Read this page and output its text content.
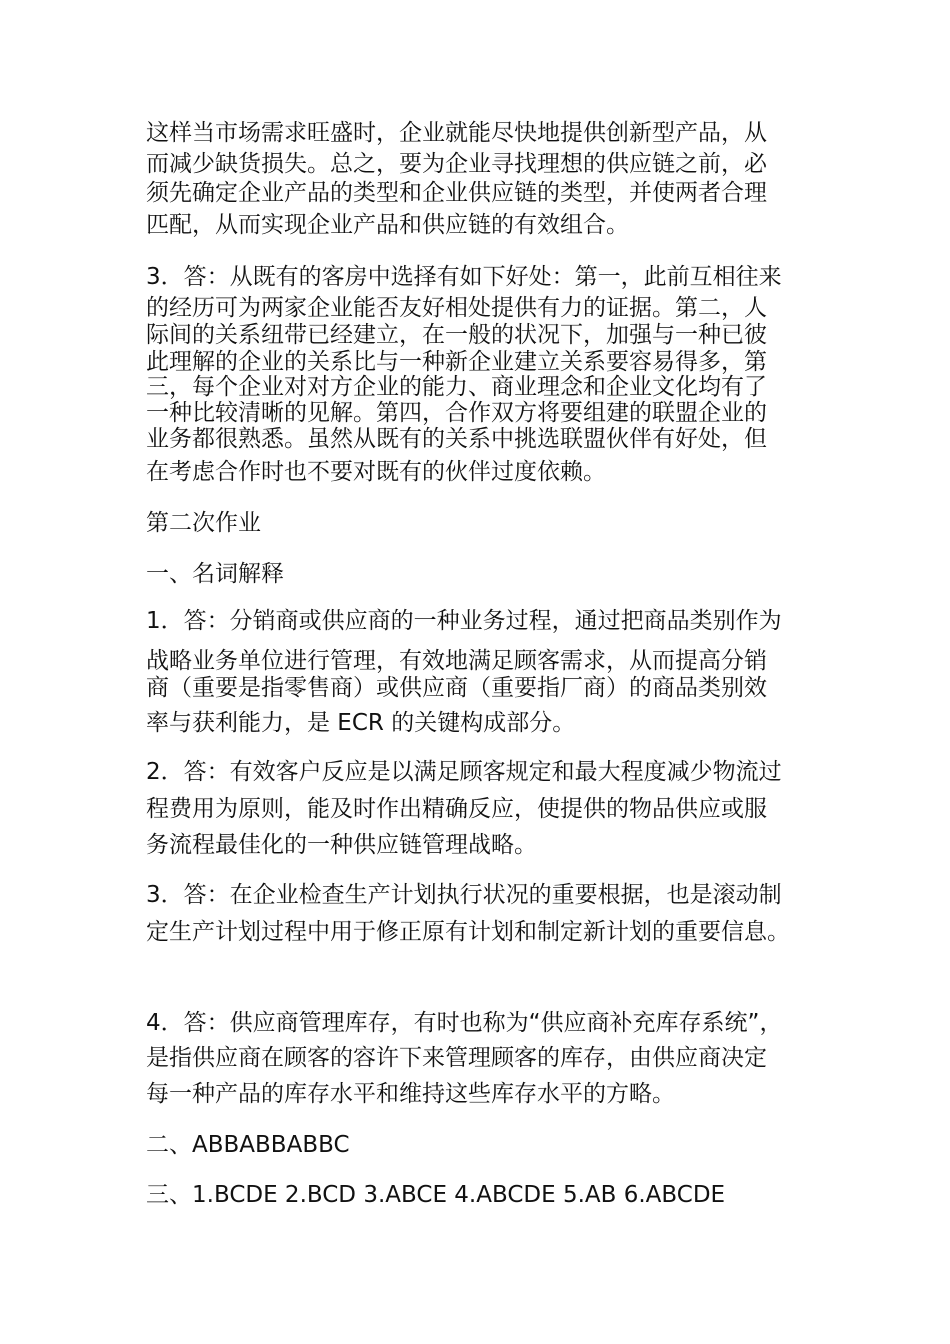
这样当市场需求旺盛时，企业就能尽快地提供创新型产品，从
而减少缺货损失。总之，要为企业寻找理想的供应链之前，必
须先确定企业产品的类型和企业供应链的类型，并使两者合理
匹配，从而实现企业产品和供应链的有效组合。
3．答：从既有的客房中选择有如下好处：第一，此前互相往来
的经历可为两家企业能否友好相处提供有力的证据。第二，人
际间的关系纽带已经建立，在一般的状况下，加强与一种已彼
此理解的企业的关系比与一种新企业建立关系要容易得多，第
三，每个企业对对方企业的能力、商业理念和企业文化均有了
一种比较清晰的见解。第四，合作双方将要组建的联盟企业的
业务都很熟悉。虽然从既有的关系中挑选联盟伙伴有好处，但
在考虑合作时也不要对既有的伙伴过度依赖。
第二次作业
一、名词解释
1．答：分销商或供应商的一种业务过程，通过把商品类别作为
战略业务单位进行管理，有效地满足顾客需求，从而提高分销
商（重要是指零售商）或供应商（重要指厂商）的商品类别效
率与获利能力，是 ECR 的关键构成部分。
2．答：有效客户反应是以满足顾客规定和最大程度减少物流过
程费用为原则，能及时作出精确反应，使提供的物品供应或服
务流程最佳化的一种供应链管理战略。
3．答：在企业检查生产计划执行状况的重要根据，也是滚动制
定生产计划过程中用于修正原有计划和制定新计划的重要信息。
4．答：供应商管理库存，有时也称为“供应商补充库存系统”，
是指供应商在顾客的容许下来管理顾客的库存，由供应商决定
每一种产品的库存水平和维持这些库存水平的方略。
二、ABBABBABBC
三、1.BCDE 2.BCD 3.ABCE 4.ABCDE 5.AB 6.ABCDE
